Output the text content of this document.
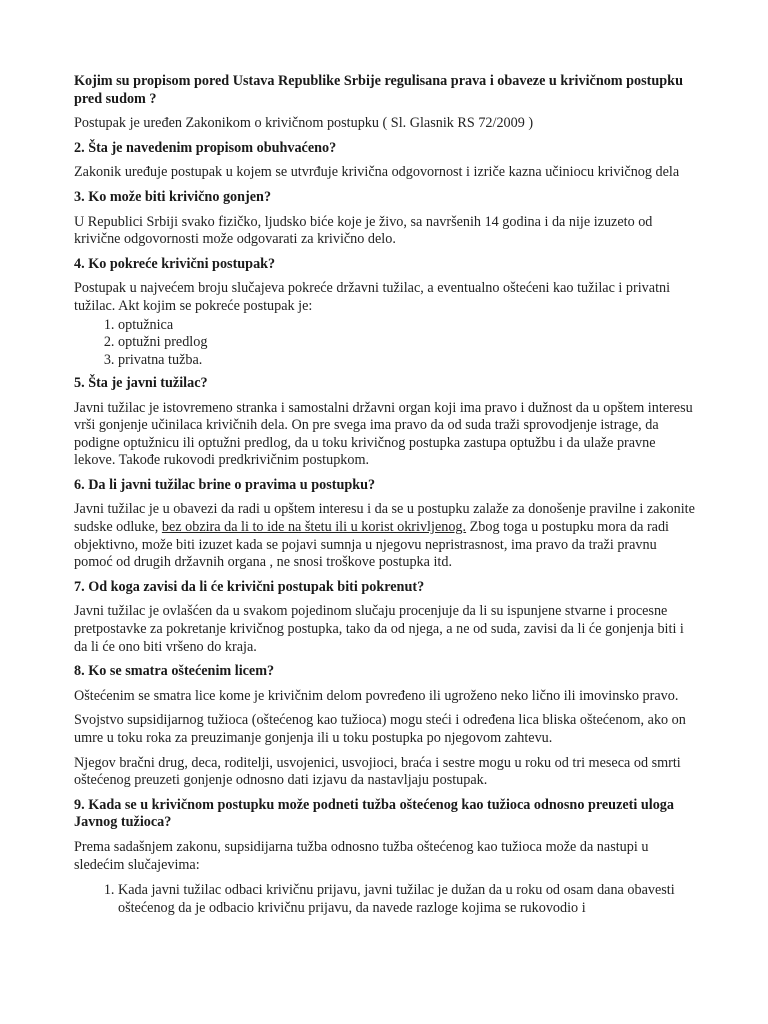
Kojim su propisom pored Ustava Republike Srbije regulisana prava i obaveze u krivičnom postupku pred sudom ?

Postupak je uređen Zakonikom o krivičnom postupku ( Sl. Glasnik RS 72/2009 )

2. Šta je navedenim propisom obuhvaćeno?

Zakonik uređuje postupak u kojem se utvrđuje krivična odgovornost i izriče kazna učiniocu krivičnog dela

3. Ko može biti krivično gonjen?

U Republici Srbiji svako fizičko, ljudsko biće koje je živo, sa navršenih 14 godina i da nije izuzeto od krivične odgovornosti može odgovarati za krivično delo.

4. Ko pokreće krivični postupak?

Postupak u najvećem broju slučajeva pokreće državni tužilac, a eventualno oštećeni kao tužilac i privatni tužilac. Akt kojim se pokreće postupak je:

1. optužnica
2. optužni predlog
3. privatna tužba.
5. Šta je javni tužilac?

Javni tužilac je istovremeno stranka i samostalni državni organ koji ima pravo i dužnost da u opštem interesu vrši gonjenje učinilaca krivičnih dela. On pre svega ima pravo da od suda traži sprovodjenje istrage, da podigne optužnicu ili optužni predlog, da u toku krivičnog postupka zastupa optužbu i da ulaže pravne lekove. Takođe rukovodi predkrivičnim postupkom.

6. Da li javni tužilac brine o pravima u postupku?

Javni tužilac je u obavezi da radi u opštem interesu i da se u postupku zalaže za donošenje pravilne i zakonite sudske odluke, bez obzira da li to ide na štetu ili u korist okrivljenog. Zbog toga u postupku mora da radi objektivno, može biti izuzet kada se pojavi sumnja u njegovu nepristrasnost, ima pravo da traži pravnu pomoć od drugih državnih organa , ne snosi troškove postupka itd.

7. Od koga zavisi da li će krivični postupak biti pokrenut?

Javni tužilac je ovlašćen da u svakom pojedinom slučaju procenjuje da li su ispunjene stvarne i procesne pretpostavke za pokretanje krivičnog postupka, tako da od njega, a ne od suda, zavisi da li će gonjenja biti i da li će ono biti vršeno do kraja.

8. Ko se smatra oštećenim licem?

Oštećenim se smatra lice kome je krivičnim delom povređeno ili ugroženo neko lično ili imovinsko pravo.

Svojstvo supsidijarnog tužioca (oštećenog kao tužioca) mogu steći i određena lica bliska oštećenom, ako on umre u toku roka za preuzimanje gonjenja ili u toku postupka po njegovom zahtevu.

Njegov bračni drug, deca, roditelji, usvojenici, usvojioci, braća i sestre mogu u roku od tri meseca od smrti oštećenog preuzeti gonjenje odnosno dati izjavu da nastavljaju postupak.

9. Kada se u krivičnom postupku može podneti tužba oštećenog kao tužioca odnosno preuzeti uloga Javnog tužioca?

Prema sadašnjem zakonu, supsidijarna tužba odnosno tužba oštećenog kao tužioca može da nastupi u sledećim slučajevima:

1. Kada javni tužilac odbaci krivičnu prijavu, javni tužilac je dužan da u roku od osam dana obavesti oštećenog da je odbacio krivičnu prijavu, da navede razloge kojima se rukovodio i
